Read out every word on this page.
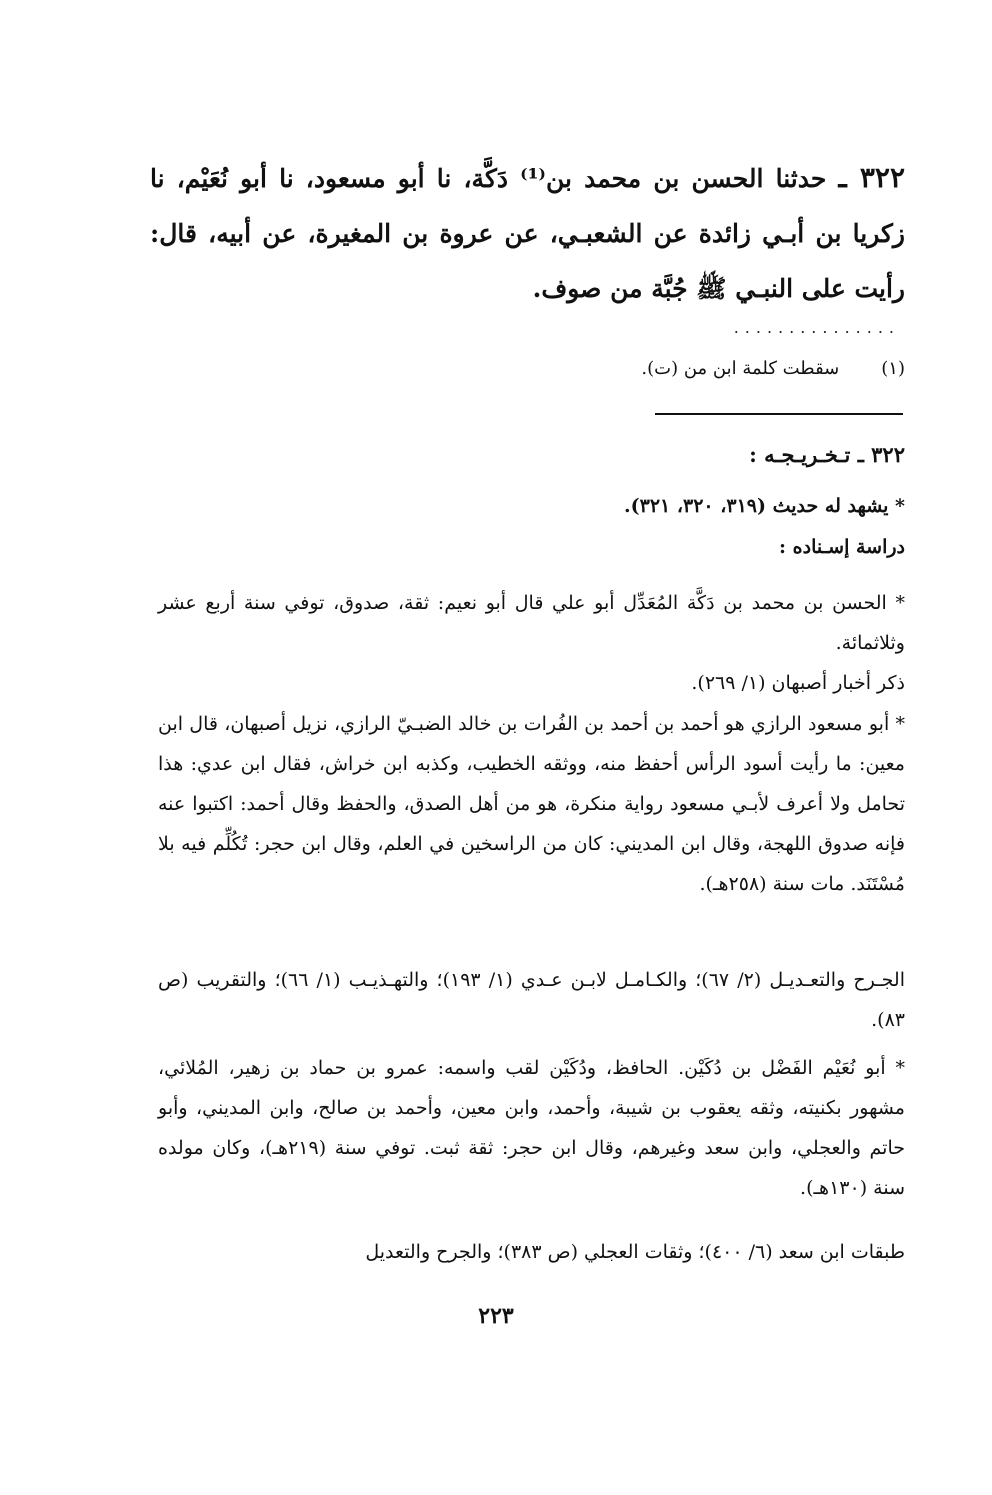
٣٢٢ ـ حدثنا الحسن بن محمد بن⁽¹⁾ دَكَّة، نا أبو مسعود، نا أبو نُعَيْم، نا زكريا بن أبـي زائدة عن الشعبـي، عن عروة بن المغيرة، عن أبيه، قال: رأيت على النبـي ﷺ جُبَّة من صوف.
...............
(١) سقطت كلمة ابن من (ت).
٣٢٢ ـ تـخـريـجـه :
* يشهد له حديث (٣١٩، ٣٢٠، ٣٢١).
دراسة إسـناده :
* الحسن بن محمد بن دَكَّة المُعَدِّل أبو علي قال أبو نعيم: ثقة، صدوق، توفي سنة أربع عشر وثلاثمائة.
ذكر أخبار أصبهان (١/ ٢٦٩).
* أبو مسعود الرازي هو أحمد بن أحمد بن الفُرات بن خالد الضبـيّ الرازي، نزيل أصبهان، قال ابن معين: ما رأيت أسود الرأس أحفظ منه، ووثقه الخطيب، وكذبه ابن خراش، فقال ابن عدي: هذا تحامل ولا أعرف لأبـي مسعود رواية منكرة، هو من أهل الصدق، والحفظ وقال أحمد: اكتبوا عنه فإنه صدوق اللهجة، وقال ابن المديني: كان من الراسخين في العلم، وقال ابن حجر: تُكُلِّم فيه بلا مُسْتَنَد. مات سنة (٢٥٨هـ).
الجـرح والتعـديـل (٢/ ٦٧)؛ والكـامـل لابـن عـدي (١/ ١٩٣)؛ والتهـذيـب (١/ ٦٦)؛ والتقريب (ص ٨٣).
* أبو نُعَيْم الفَضْل بن دُكَيْن. الحافظ، ودُكَيْن لقب واسمه: عمرو بن حماد بن زهير، المُلائي، مشهور بكنيته، وثقه يعقوب بن شيبة، وأحمد، وابن معين، وأحمد بن صالح، وابن المديني، وأبو حاتم والعجلي، وابن سعد وغيرهم، وقال ابن حجر: ثقة ثبت. توفي سنة (٢١٩هـ)، وكان مولده سنة (١٣٠هـ).
طبقات ابن سعد (٦/ ٤٠٠)؛ وثقات العجلي (ص ٣٨٣)؛ والجرح والتعديل
٢٢٣
